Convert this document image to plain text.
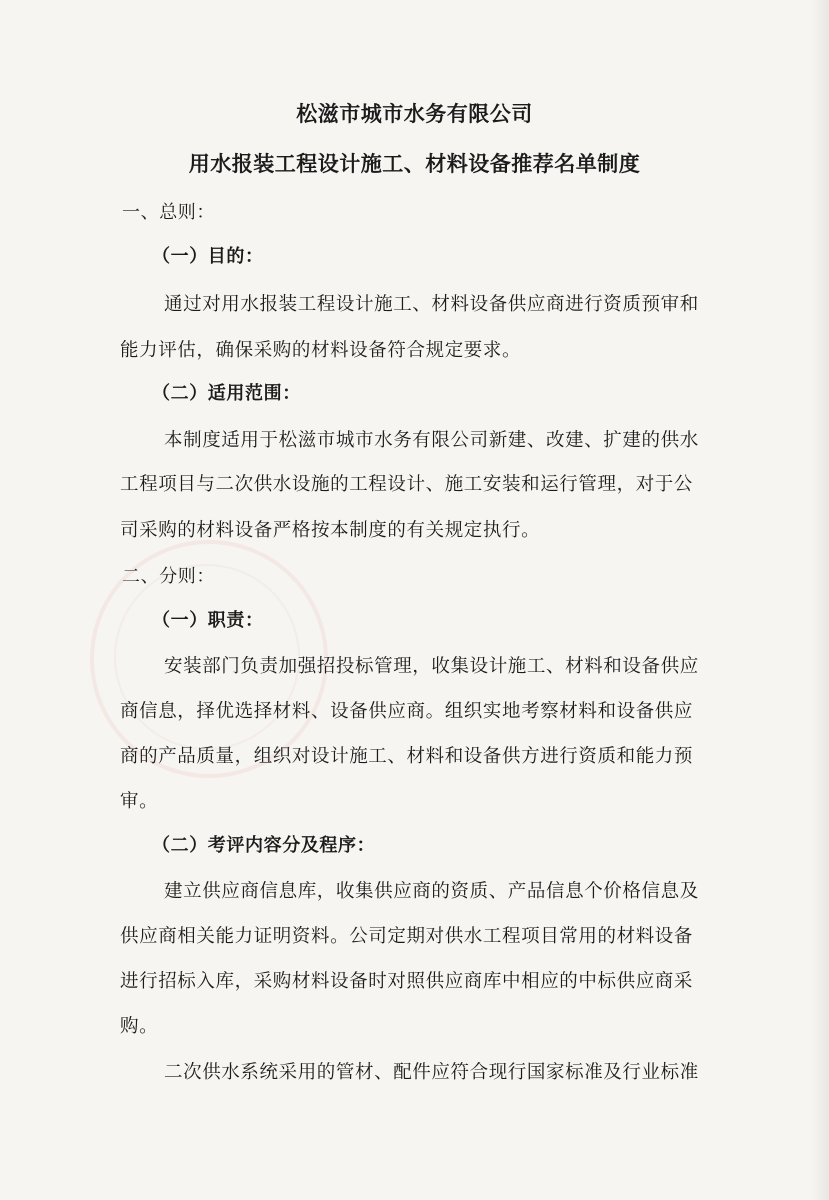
松滋市城市水务有限公司
用水报装工程设计施工、材料设备推荐名单制度
一、总则：
（一）目的：
通过对用水报装工程设计施工、材料设备供应商进行资质预审和
能力评估，确保采购的材料设备符合规定要求。
（二）适用范围：
本制度适用于松滋市城市水务有限公司新建、改建、扩建的供水
工程项目与二次供水设施的工程设计、施工安装和运行管理，对于公
司采购的材料设备严格按本制度的有关规定执行。
二、分则：
（一）职责：
安装部门负责加强招投标管理，收集设计施工、材料和设备供应
商信息，择优选择材料、设备供应商。组织实地考察材料和设备供应
商的产品质量，组织对设计施工、材料和设备供方进行资质和能力预
审。
（二）考评内容分及程序：
建立供应商信息库，收集供应商的资质、产品信息个价格信息及
供应商相关能力证明资料。公司定期对供水工程项目常用的材料设备
进行招标入库，采购材料设备时对照供应商库中相应的中标供应商采
购。
二次供水系统采用的管材、配件应符合现行国家标准及行业标准
